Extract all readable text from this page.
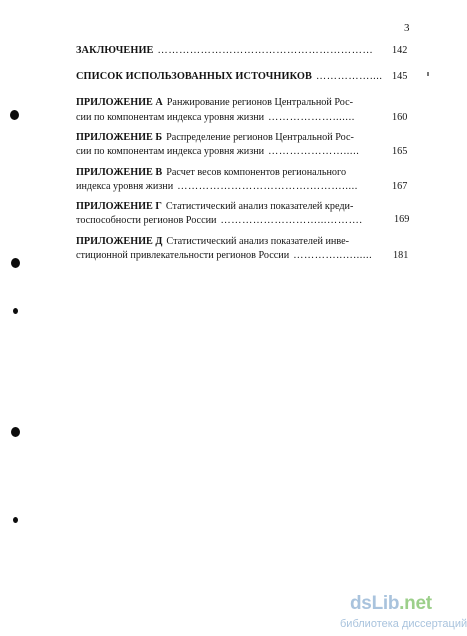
3
ЗАКЛЮЧЕНИЕ …………………………………………………… 142
СПИСОК ИСПОЛЬЗОВАННЫХ ИСТОЧНИКОВ …………….... 145
ПРИЛОЖЕНИЕ А Ранжирование регионов Центральной Рос-
сии по компонентам индекса уровня жизни ……………….......	160
ПРИЛОЖЕНИЕ Б Распределение регионов Центральной Рос-
сии по компонентам индекса уровня жизни ………………….....	165
ПРИЛОЖЕНИЕ В Расчет весов компонентов регионального
индекса уровня жизни ……………………………….……….....	167
ПРИЛОЖЕНИЕ Г Статистический анализ показателей креди-
тоспособности регионов России ………………………...……….	169
ПРИЛОЖЕНИЕ Д Статистический анализ показателей инве-
стиционной привлекательности регионов России …………..…...... 181
dsLib.net
библиотека диссертаций
